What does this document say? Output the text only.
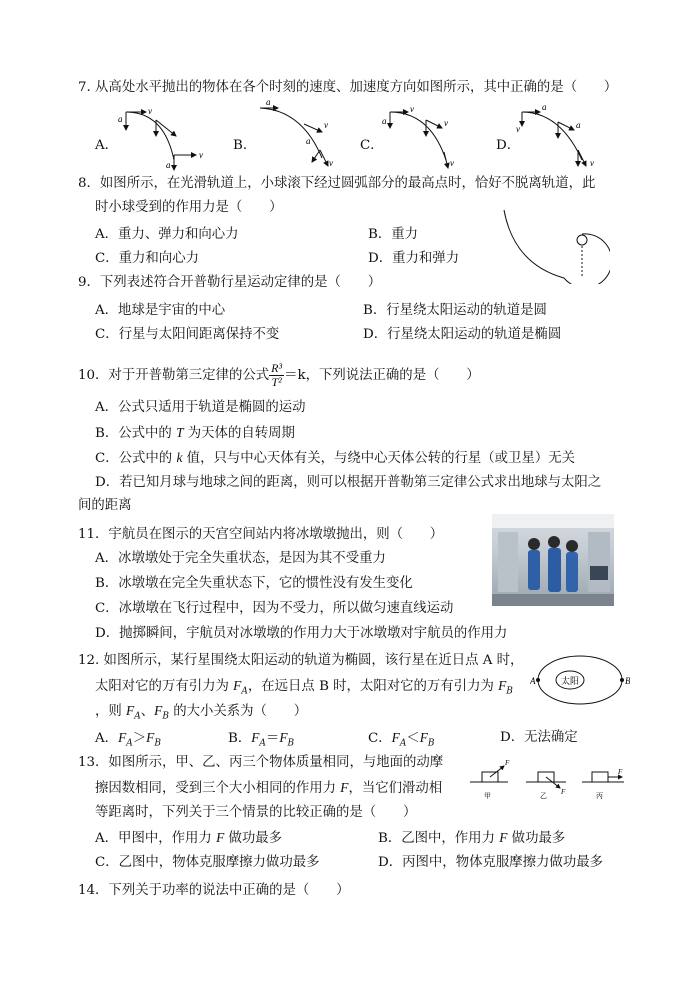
7. 从高处水平抛出的物体在各个时刻的速度、加速度方向如图所示，其中正确的是（　　）
A．	B．	C．	D．
a
v
v
a
a
v
v
a
a
v
v
v
v
a
a
v
8．如图所示，在光滑轨道上，小球滚下经过圆弧部分的最高点时，恰好不脱离轨道，此
时小球受到的作用力是（　　）
A．重力、弹力和向心力	B．重力
C．重力和向心力	D．重力和弹力
9．下列表述符合开普勒行星运动定律的是（　　）
A．地球是宇宙的中心	B．行星绕太阳运动的轨道是圆
C．行星与太阳间距离保持不变	D．行星绕太阳运动的轨道是椭圆
10．对于开普勒第三定律的公式 $\frac{\text{R³}}{\text{T²}} =k$，下列说法正确的是（　　）
A．公式只适用于轨道是椭圆的运动
B．公式中的 T 为天体的自转周期
C．公式中的 k 值，只与中心天体有关，与绕中心天体公转的行星（或卫星）无关
D．若已知月球与地球之间的距离，则可以根据开普勒第三定律公式求出地球与太阳之
间的距离
11．宇航员在图示的天宫空间站内将冰墩墩抛出，则（　　）
A．冰墩墩处于完全失重状态，是因为其不受重力
B．冰墩墩在完全失重状态下，它的惯性没有发生变化
C．冰墩墩在飞行过程中，因为不受力，所以做匀速直线运动
D．抛掷瞬间，宇航员对冰墩墩的作用力大于冰墩墩对宇航员的作用力
12. 如图所示，某行星围绕太阳运动的轨道为椭圆，该行星在近日点 A 时，
太阳对它的万有引力为 $F_A$，在远日点 B 时，太阳对它的万有引力为 $F_B$
，则 $F_A$、$F_B$ 的大小关系为（　　）
A．$F_A>F_B$	B．$F_A=F_B$	C．$F_A<F_B$	D．无法确定
太阳
A	B
13．如图所示，甲、乙、丙三个物体质量相同，与地面的动摩
擦因数相同，受到三个大小相同的作用力 F，当它们滑动相
等距离时，下列关于三个情景的比较正确的是（　　）
A．甲图中，作用力 F 做功最多	B．乙图中，作用力 F 做功最多
C．乙图中，物体克服摩擦力做功最多	D．丙图中，物体克服摩擦力做功最多
F
F
F
甲	乙	丙
14．下列关于功率的说法中正确的是（　　）
